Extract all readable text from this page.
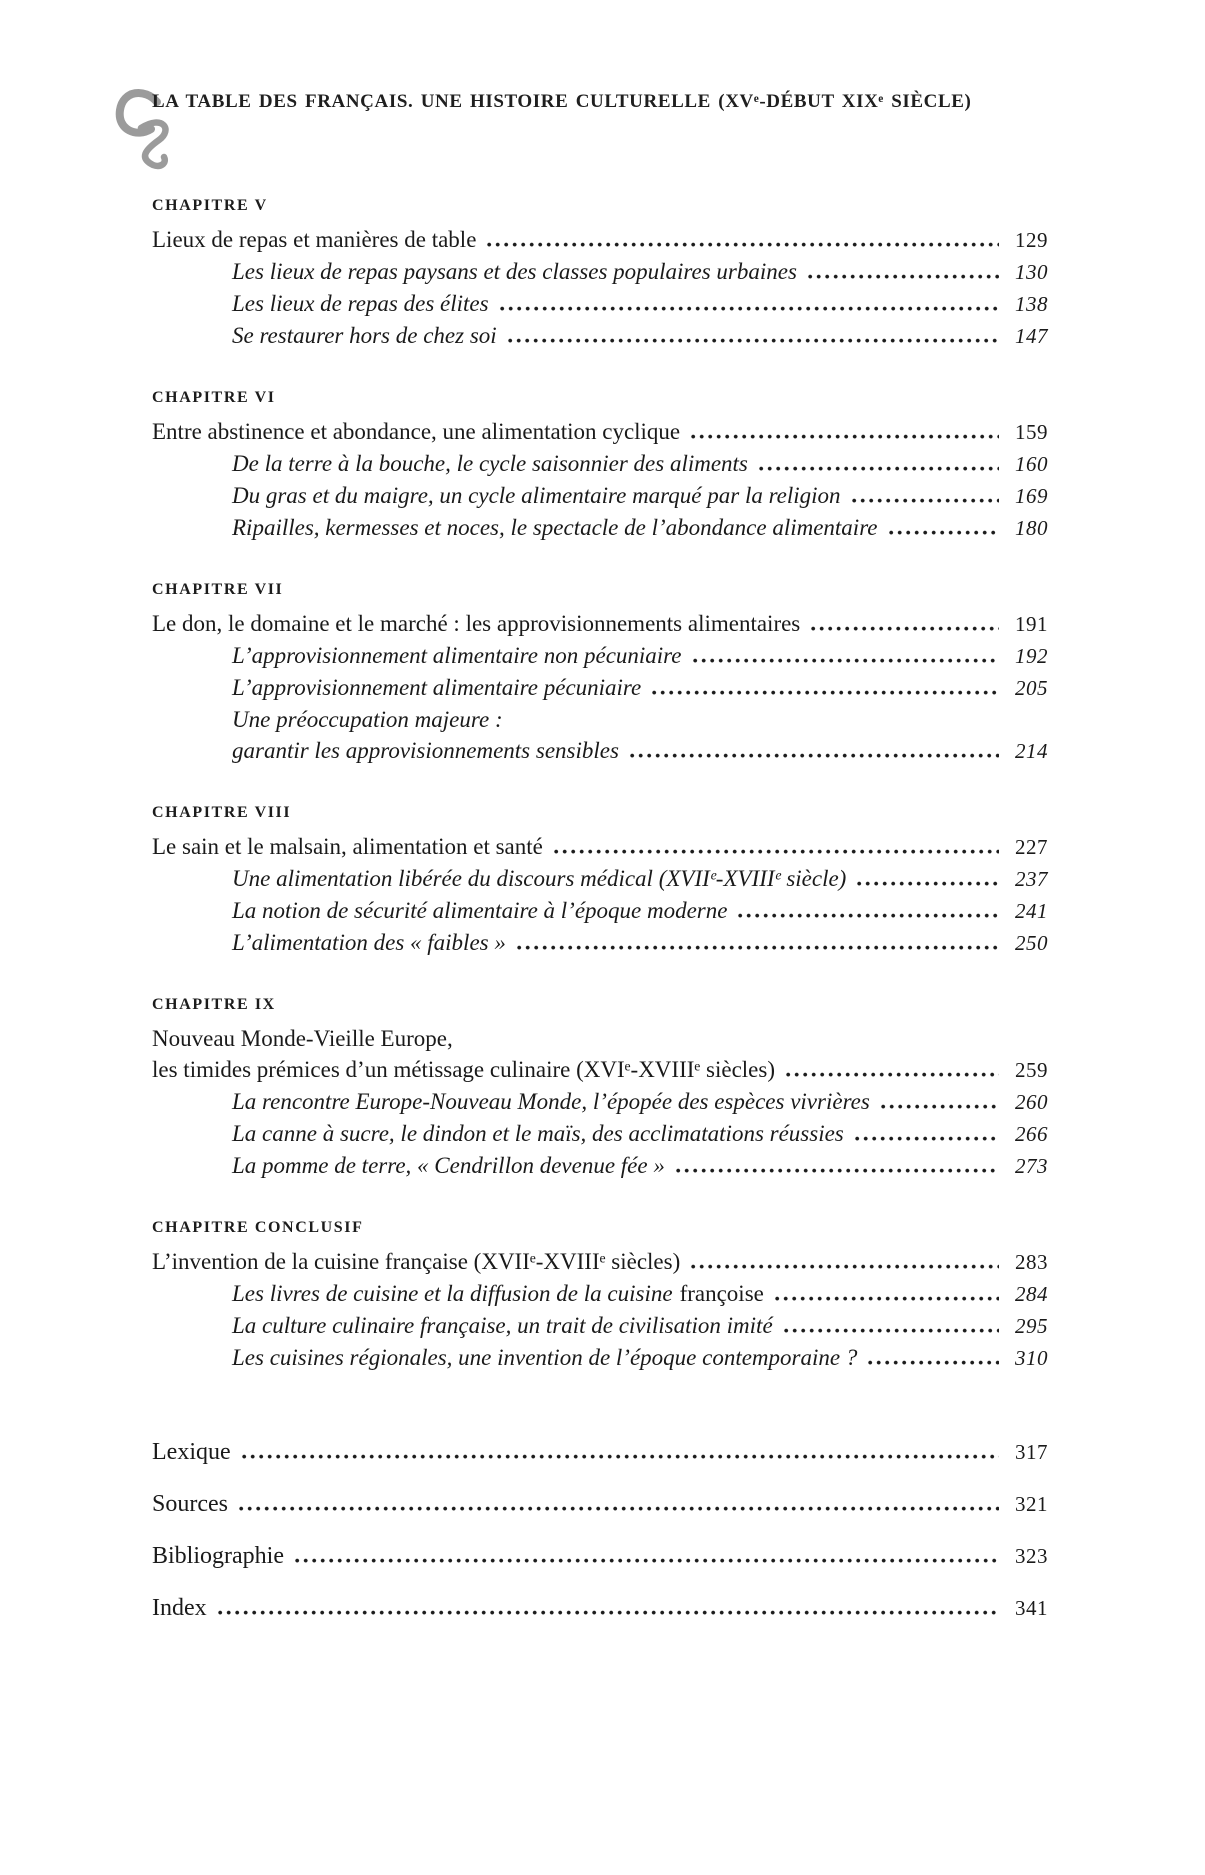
LA TABLE DES FRANÇAIS. UNE HISTOIRE CULTURELLE (XVᵉ-DÉBUT XIXᵉ SIÈCLE)
CHAPITRE V
Lieux de repas et manières de table	129
Les lieux de repas paysans et des classes populaires urbaines	130
Les lieux de repas des élites	138
Se restaurer hors de chez soi	147
CHAPITRE VI
Entre abstinence et abondance, une alimentation cyclique	159
De la terre à la bouche, le cycle saisonnier des aliments	160
Du gras et du maigre, un cycle alimentaire marqué par la religion	169
Ripailles, kermesses et noces, le spectacle de l’abondance alimentaire	180
CHAPITRE VII
Le don, le domaine et le marché : les approvisionnements alimentaires	191
L’approvisionnement alimentaire non pécuniaire	192
L’approvisionnement alimentaire pécuniaire	205
Une préoccupation majeure :
garantir les approvisionnements sensibles	214
CHAPITRE VIII
Le sain et le malsain, alimentation et santé	227
Une alimentation libérée du discours médical (XVIIᵉ-XVIIIᵉ siècle)	237
La notion de sécurité alimentaire à l’époque moderne	241
L’alimentation des « faibles »	250
CHAPITRE IX
Nouveau Monde-Vieille Europe,
les timides prémices d’un métissage culinaire (XVIᵉ-XVIIIᵉ siècles)	259
La rencontre Europe-Nouveau Monde, l’épopée des espèces vivrières	260
La canne à sucre, le dindon et le maïs, des acclimatations réussies	266
La pomme de terre, « Cendrillon devenue fée »	273
CHAPITRE CONCLUSIF
L’invention de la cuisine française (XVIIᵉ-XVIIIᵉ siècles)	283
Les livres de cuisine et la diffusion de la cuisine françoise	284
La culture culinaire française, un trait de civilisation imité	295
Les cuisines régionales, une invention de l’époque contemporaine ?	310
Lexique	317
Sources	321
Bibliographie	323
Index	341
